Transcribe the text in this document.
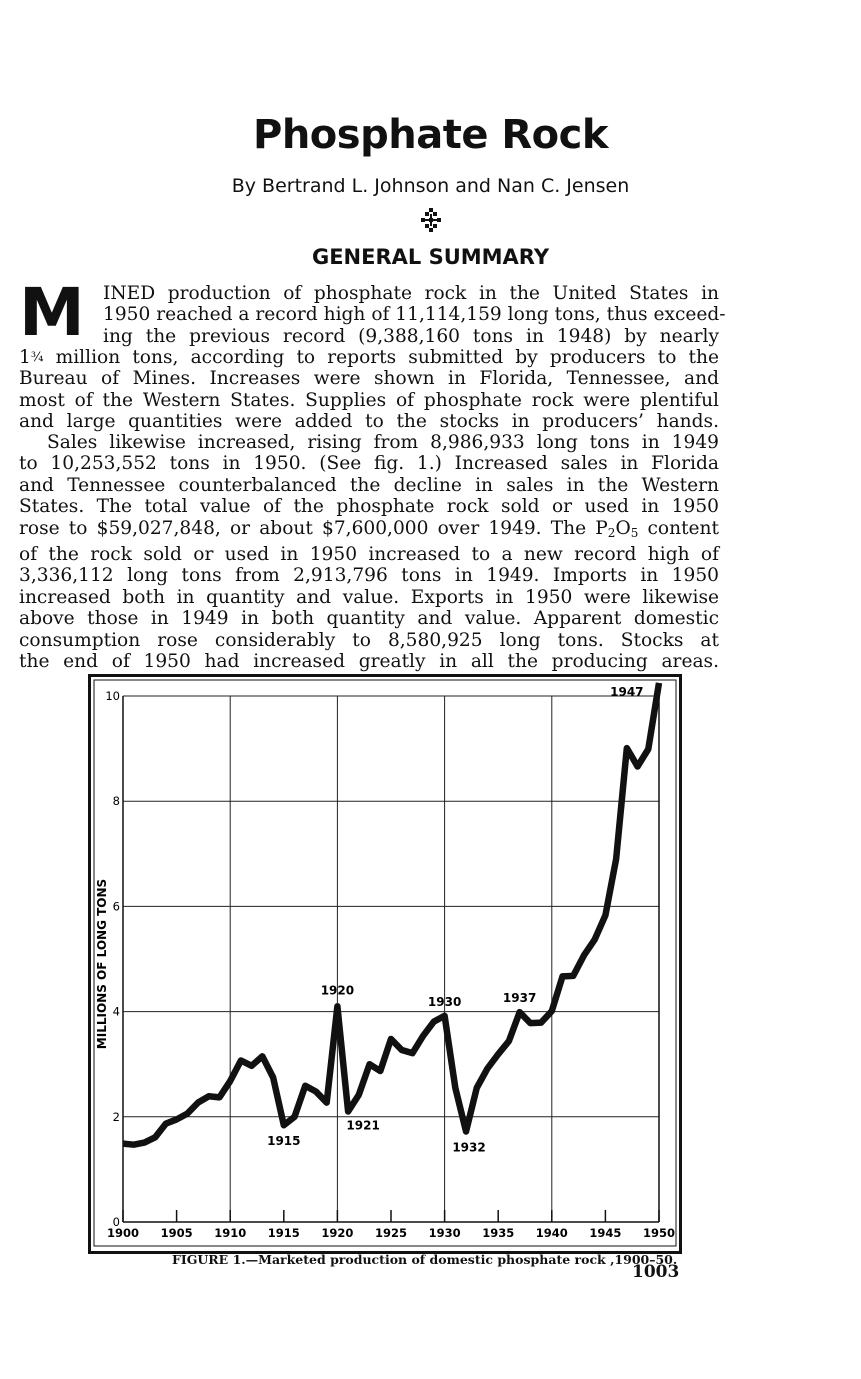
Phosphate Rock
By Bertrand L. Johnson and Nan C. Jensen
GENERAL SUMMARY
M INED production of phosphate rock in the United States in
1950 reached a record high of 11,114,159 long tons, thus exceed-
ing the previous record (9,388,160 tons in 1948) by nearly
1¾ million tons, according to reports submitted by producers to the
Bureau of Mines. Increases were shown in Florida, Tennessee, and
most of the Western States. Supplies of phosphate rock were plentiful
and large quantities were added to the stocks in producers’ hands.
Sales likewise increased, rising from 8,986,933 long tons in 1949
to 10,253,552 tons in 1950. (See fig. 1.) Increased sales in Florida
and Tennessee counterbalanced the decline in sales in the Western
States. The total value of the phosphate rock sold or used in 1950
rose to $59,027,848, or about $7,600,000 over 1949. The $P_2O_5$ content
of the rock sold or used in 1950 increased to a new record high of
3,336,112 long tons from 2,913,796 tons in 1949. Imports in 1950
increased both in quantity and value. Exports in 1950 were likewise
above those in 1949 in both quantity and value. Apparent domestic
consumption rose considerably to 8,580,925 long tons. Stocks at
the end of 1950 had increased greatly in all the producing areas.
1900 1905 1910 1915 1920 1925 1930 1935 1940 1945 1950
0
2
4
6
8
10
1915
1920
1921
1930
1932
1937
1947
MILLIONS OF LONG TONS
FIGURE 1.—Marketed production of domestic phosphate rock ,1900–50.
1003
